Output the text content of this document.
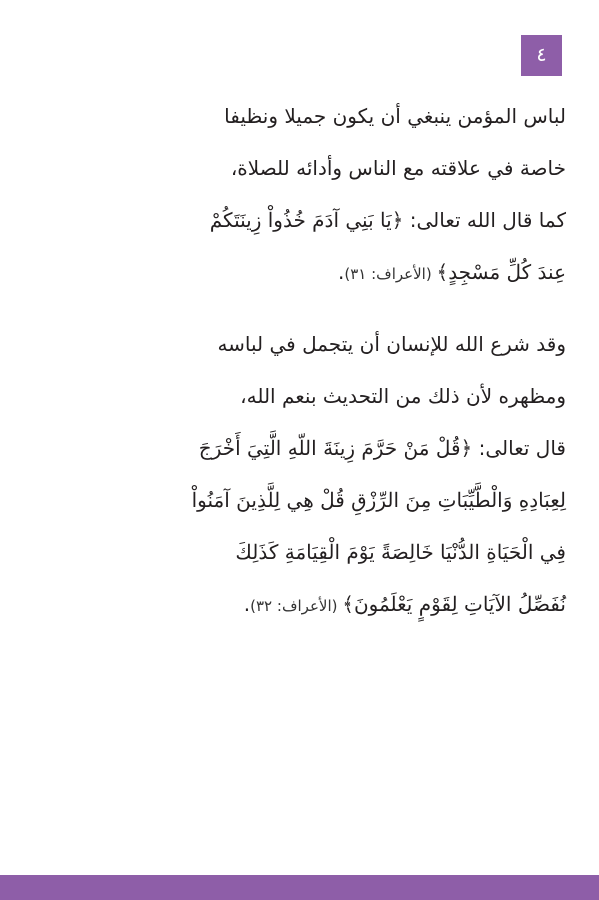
٤
لباس المؤمن ينبغي أن يكون جميلا ونظيفا
خاصة في علاقته مع الناس وأدائه للصلاة،
كما قال الله تعالى: ﴿يَا بَنِي آدَمَ خُذُواْ زِينَتَكُمْ
عِندَ كُلِّ مَسْجِدٍ﴾ (الأعراف: ٣١).
وقد شرع الله للإنسان أن يتجمل في لباسه
ومظهره لأن ذلك من التحديث بنعم الله،
قال تعالى: ﴿قُلْ مَنْ حَرَّمَ زِينَةَ اللّهِ الَّتِيَ أَخْرَجَ
لِعِبَادِهِ وَالْطَّيِّبَاتِ مِنَ الرِّزْقِ قُلْ هِي لِلَّذِينَ آمَنُواْ
فِي الْحَيَاةِ الدُّنْيَا خَالِصَةً يَوْمَ الْقِيَامَةِ كَذَلِكَ
نُفَصِّلُ الآيَاتِ لِقَوْمٍ يَعْلَمُونَ﴾ (الأعراف: ٣٢).
